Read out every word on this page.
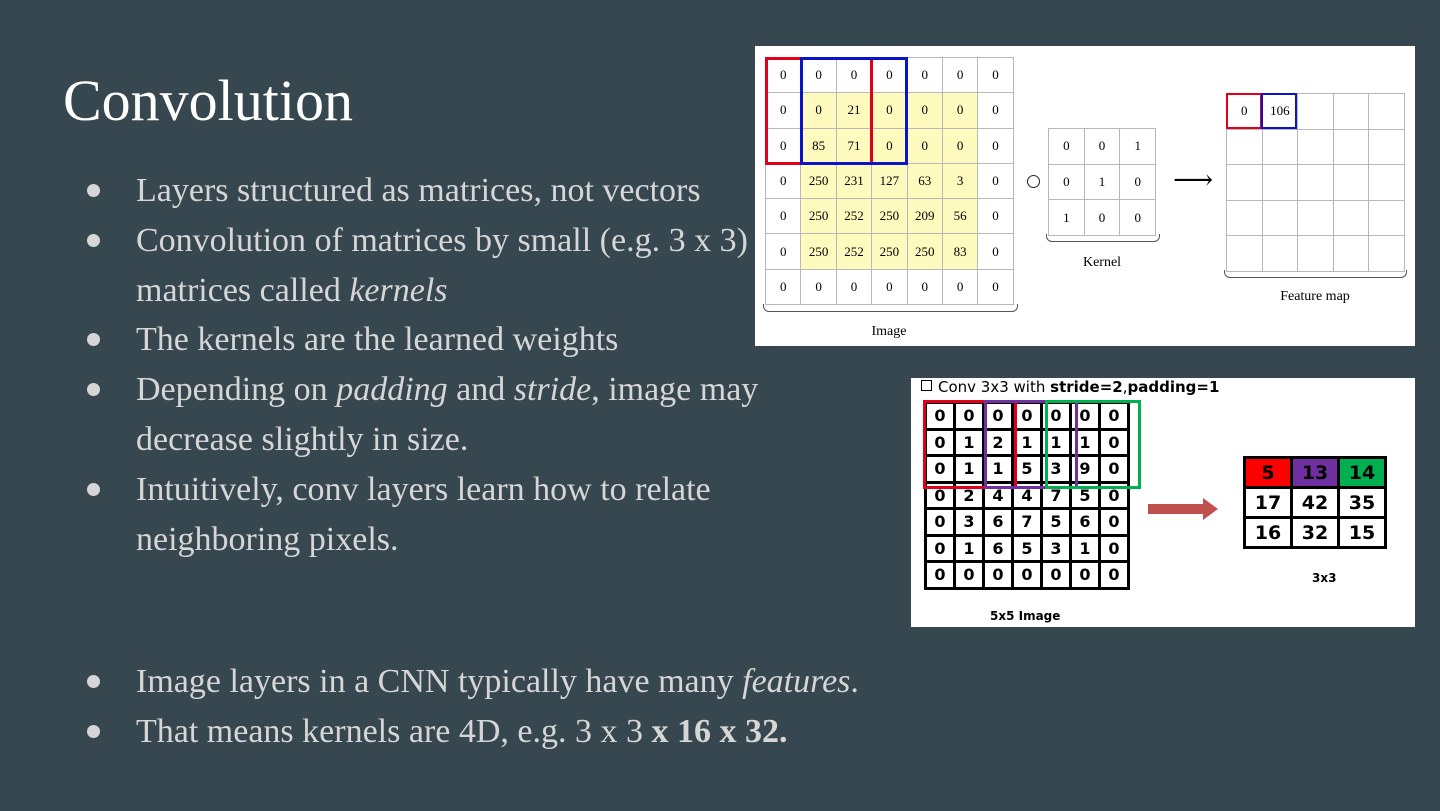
Convolution
Layers structured as matrices, not vectors
Convolution of matrices by small (e.g. 3 x 3) matrices called kernels
The kernels are the learned weights
Depending on padding and stride, image may decrease slightly in size.
Intuitively, conv layers learn how to relate neighboring pixels.
Image layers in a CNN typically have many features.
That means kernels are 4D, e.g. 3 x 3 x 16 x 32.
0	0	0	0	0	0	0
0	0	21	0	0	0	0
0	85	71	0	0	0	0
0	250	231	127	63	3	0
0	250	252	250	209	56	0
0	250	252	250	250	83	0
0	0	0	0	0	0	0
Image
0	0	1
0	1	0
1	0	0
Kernel
⟶
0	106			

Feature map
Conv 3x3 with stride=2,padding=1
0	0	0	0	0	0	0
0	1	2	1	1	1	0
0	1	1	5	3	9	0
0	2	4	4	7	5	0
0	3	6	7	5	6	0
0	1	6	5	3	1	0
0	0	0	0	0	0	0
5x5 Image
5	13	14
17	42	35
16	32	15
3x3
